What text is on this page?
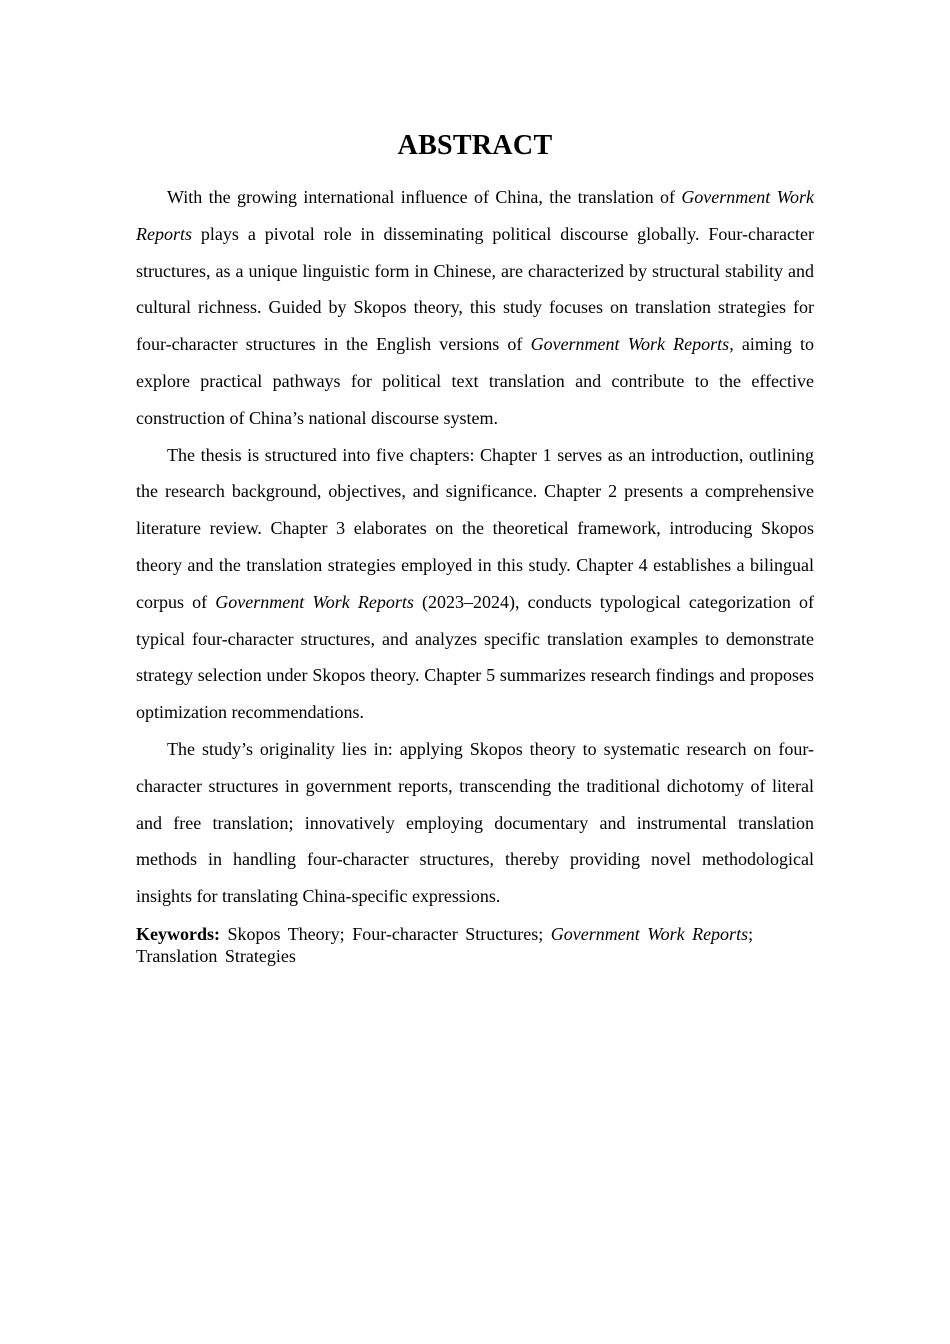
ABSTRACT

With the growing international influence of China, the translation of Government Work Reports plays a pivotal role in disseminating political discourse globally. Four-character structures, as a unique linguistic form in Chinese, are characterized by structural stability and cultural richness. Guided by Skopos theory, this study focuses on translation strategies for four-character structures in the English versions of Government Work Reports, aiming to explore practical pathways for political text translation and contribute to the effective construction of China’s national discourse system.

The thesis is structured into five chapters: Chapter 1 serves as an introduction, outlining the research background, objectives, and significance. Chapter 2 presents a comprehensive literature review. Chapter 3 elaborates on the theoretical framework, introducing Skopos theory and the translation strategies employed in this study. Chapter 4 establishes a bilingual corpus of Government Work Reports (2023–2024), conducts typological categorization of typical four-character structures, and analyzes specific translation examples to demonstrate strategy selection under Skopos theory. Chapter 5 summarizes research findings and proposes optimization recommendations.

The study’s originality lies in: applying Skopos theory to systematic research on four-character structures in government reports, transcending the traditional dichotomy of literal and free translation; innovatively employing documentary and instrumental translation methods in handling four-character structures, thereby providing novel methodological insights for translating China-specific expressions.

Keywords: Skopos Theory; Four-character Structures; Government Work Reports;
Translation Strategies
